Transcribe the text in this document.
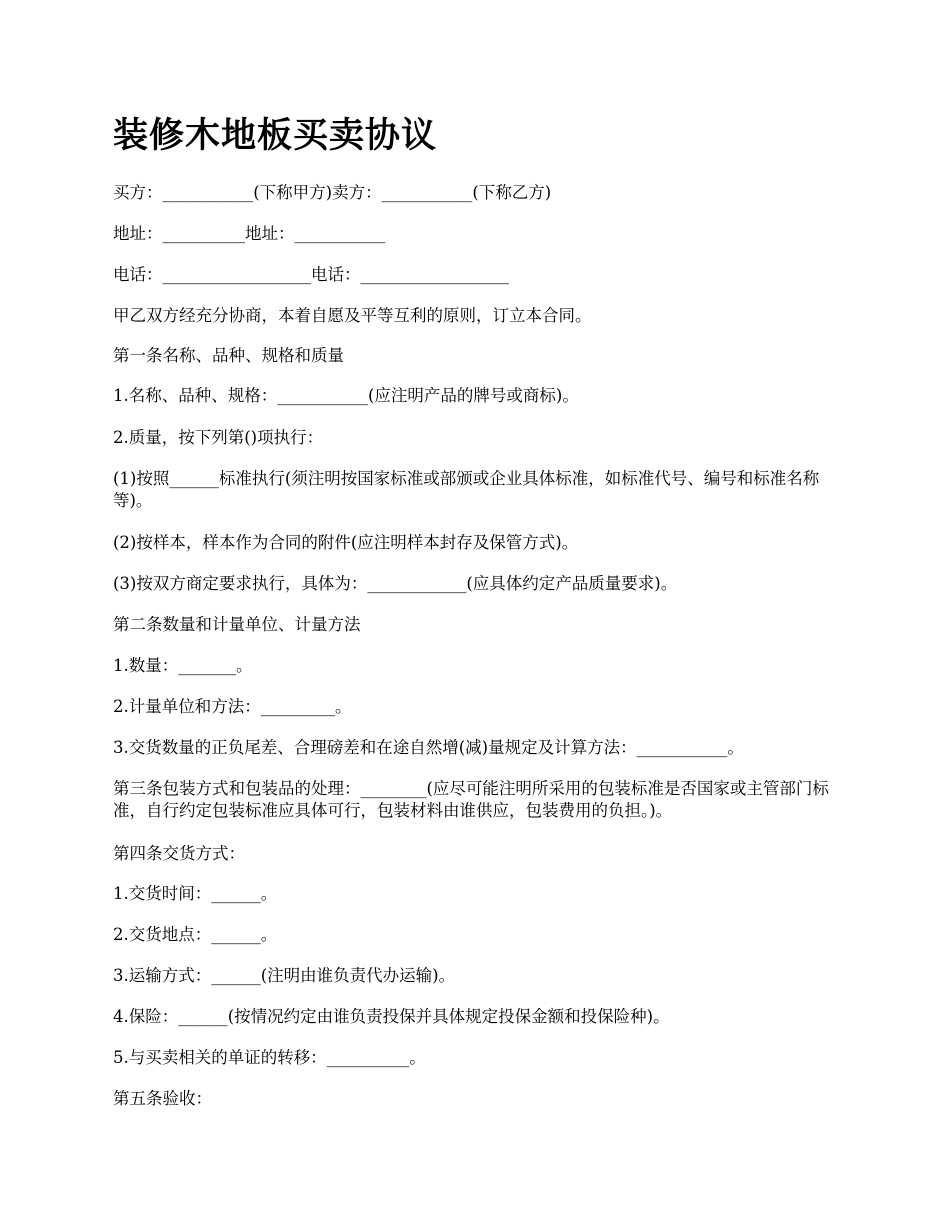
装修木地板买卖协议

买方：___________(下称甲方)卖方：___________(下称乙方)

地址：__________地址：___________

电话：__________________电话：__________________

甲乙双方经充分协商，本着自愿及平等互利的原则，订立本合同。

第一条名称、品种、规格和质量

1.名称、品种、规格：___________(应注明产品的牌号或商标)。

2.质量，按下列第()项执行：

(1)按照______标准执行(须注明按国家标准或部颁或企业具体标准，如标准代号、编号和标准名称等)。

(2)按样本，样本作为合同的附件(应注明样本封存及保管方式)。

(3)按双方商定要求执行，具体为：____________(应具体约定产品质量要求)。

第二条数量和计量单位、计量方法

1.数量：_______。

2.计量单位和方法：_________。

3.交货数量的正负尾差、合理磅差和在途自然增(减)量规定及计算方法：___________。

第三条包装方式和包装品的处理：________(应尽可能注明所采用的包装标准是否国家或主管部门标准，自行约定包装标准应具体可行，包装材料由谁供应，包装费用的负担。)。

第四条交货方式：

1.交货时间：______。

2.交货地点：______。

3.运输方式：______(注明由谁负责代办运输)。

4.保险：______(按情况约定由谁负责投保并具体规定投保金额和投保险种)。

5.与买卖相关的单证的转移：__________。

第五条验收：
